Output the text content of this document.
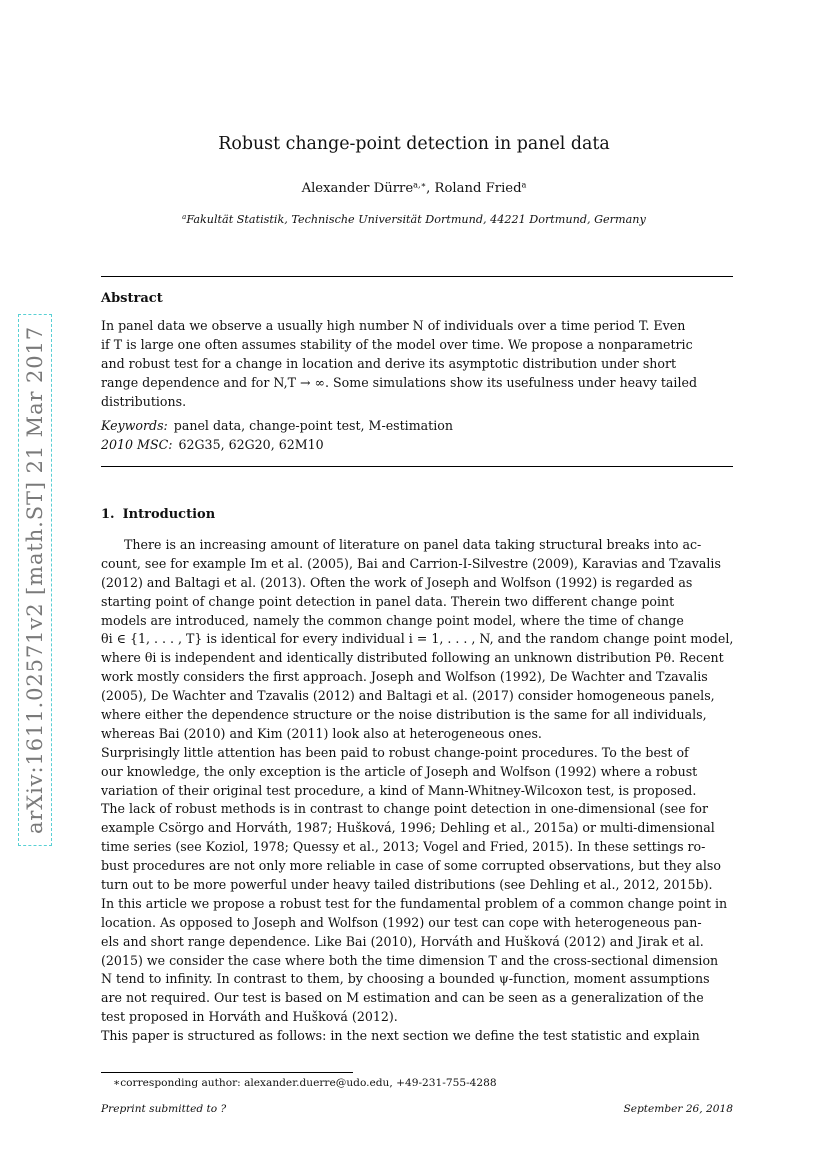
arXiv:1611.02571v2 [math.ST] 21 Mar 2017
Robust change-point detection in panel data
Alexander Dürre$^{a,∗}$, Roland Fried$^a$
$^a$Fakultät Statistik, Technische Universität Dortmund, 44221 Dortmund, Germany
Abstract
In panel data we observe a usually high number N of individuals over a time period T. Even
if T is large one often assumes stability of the model over time. We propose a nonparametric
and robust test for a change in location and derive its asymptotic distribution under short
range dependence and for N,T → ∞. Some simulations show its usefulness under heavy tailed
distributions.
Keywords: panel data, change-point test, M-estimation
2010 MSC: 62G35, 62G20, 62M10
1. Introduction
There is an increasing amount of literature on panel data taking structural breaks into ac-
count, see for example Im et al. (2005), Bai and Carrion-I-Silvestre (2009), Karavias and Tzavalis
(2012) and Baltagi et al. (2013). Often the work of Joseph and Wolfson (1992) is regarded as
starting point of change point detection in panel data. Therein two different change point
models are introduced, namely the common change point model, where the time of change
θi ∈ {1, . . . , T} is identical for every individual i = 1, . . . , N, and the random change point model,
where θi is independent and identically distributed following an unknown distribution Pθ. Recent
work mostly considers the first approach. Joseph and Wolfson (1992), De Wachter and Tzavalis
(2005), De Wachter and Tzavalis (2012) and Baltagi et al. (2017) consider homogeneous panels,
where either the dependence structure or the noise distribution is the same for all individuals,
whereas Bai (2010) and Kim (2011) look also at heterogeneous ones.
Surprisingly little attention has been paid to robust change-point procedures. To the best of
our knowledge, the only exception is the article of Joseph and Wolfson (1992) where a robust
variation of their original test procedure, a kind of Mann-Whitney-Wilcoxon test, is proposed.
The lack of robust methods is in contrast to change point detection in one-dimensional (see for
example Csörgo and Horváth, 1987; Hušková, 1996; Dehling et al., 2015a) or multi-dimensional
time series (see Koziol, 1978; Quessy et al., 2013; Vogel and Fried, 2015). In these settings ro-
bust procedures are not only more reliable in case of some corrupted observations, but they also
turn out to be more powerful under heavy tailed distributions (see Dehling et al., 2012, 2015b).
In this article we propose a robust test for the fundamental problem of a common change point in
location. As opposed to Joseph and Wolfson (1992) our test can cope with heterogeneous pan-
els and short range dependence. Like Bai (2010), Horváth and Hušková (2012) and Jirak et al.
(2015) we consider the case where both the time dimension T and the cross-sectional dimension
N tend to infinity. In contrast to them, by choosing a bounded ψ-function, moment assumptions
are not required. Our test is based on M estimation and can be seen as a generalization of the
test proposed in Horváth and Hušková (2012).
This paper is structured as follows: in the next section we define the test statistic and explain
∗corresponding author: alexander.duerre@udo.edu, +49-231-755-4288
Preprint submitted to ?	September 26, 2018
